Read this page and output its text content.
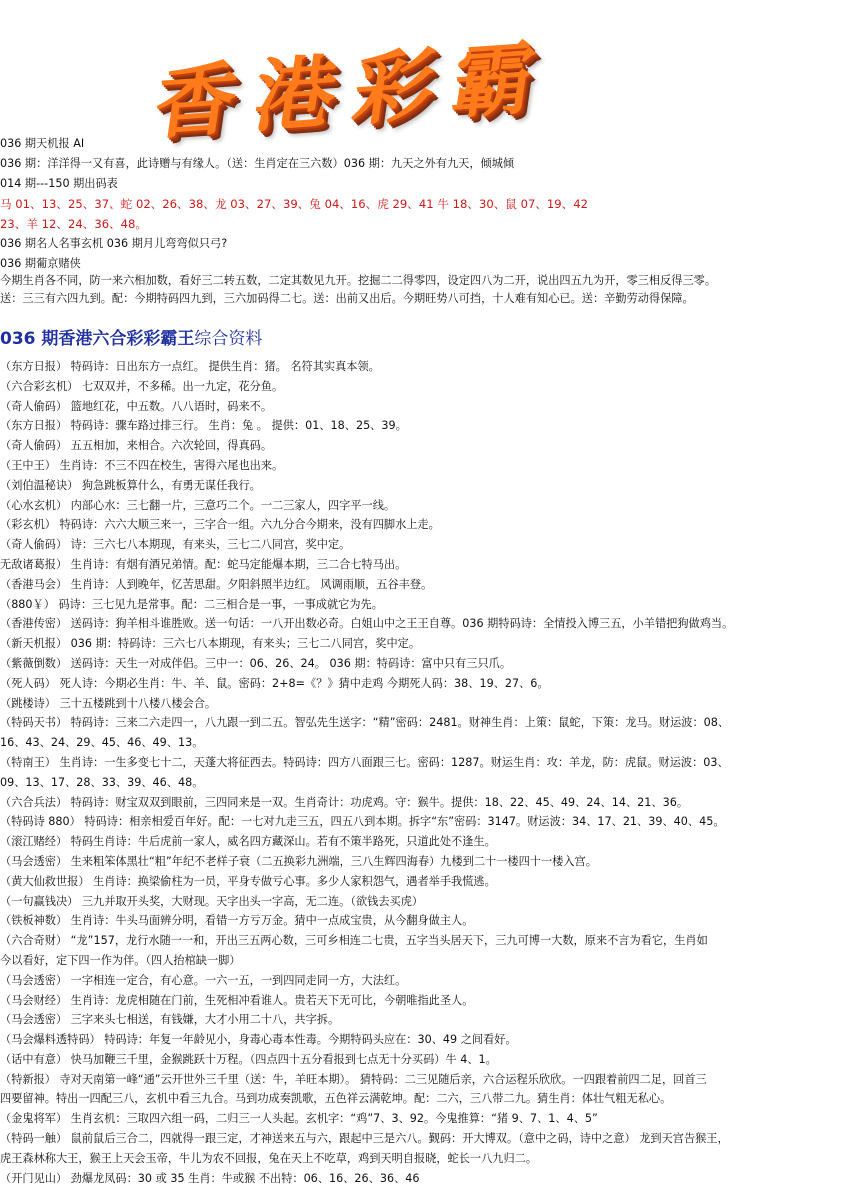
香港彩霸
036 期天机报 AI
036 期：洋洋得一又有喜，此诗赠与有缘人。（送：生肖定在三六数）036 期：九天之外有九天，倾城倾
014 期---150 期出码表
马 01、13、25、37、蛇 02、26、38、龙 03、27、39、兔 04、16、虎 29、41 牛 18、30、鼠 07、19、42
23、羊 12、24、36、48。
036 期名人名事玄机 036 期月儿弯弯似只弓?
036 期葡京赌侠
今期生肖各不同，防一来六相加数，看好三二转五数，二定其数见九开。挖掘二二得零四，设定四八为二开，说出四五九为开，零三相反得三零。
送：三三有六四九到。配：今期特码四九到，三六加码得二七。送：出前又出后。今期旺势八可挡，十人难有知心已。送：辛勤劳动得保障。
036 期香港六合彩彩霸王综合资料
（东方日报） 特码诗：日出东方一点红。 提供生肖：猪。 名符其实真本领。
（六合彩玄机） 七双双并，不多稀。出一九定，花分鱼。
（奇人偷码） 篮地红花，中五数。八八语时，码来不。
（东方日报） 特码诗：骤车路过排三行。 生肖：兔 。 提供：01、18、25、39。
（奇人偷码） 五五相加，来相合。六次轮回，得真码。
（王中王） 生肖诗：不三不四在校生，害得六尾也出来。
（刘伯温秘诀） 狗急跳板算什么，有勇无谋任我行。
（心水玄机） 内部心水：三七翻一片，三意巧二个。一二三家人，四字平一线。
（彩玄机） 特码诗：六六大顺三来一，三字合一组。六九分合今期来，没有四脚水上走。
（奇人偷码） 诗：三六七八本期现，有来头，三七二八同宫，奖中定。
无敌诸葛报） 生肖诗：有烟有酒兄弟情。配：蛇马定能爆本期，三二合七特马出。
（香港马会） 生肖诗：人到晚年，忆苦思甜。夕阳斜照半边红。 风调雨顺，五谷丰登。
（880￥） 码诗：三七见九是常事。配：二三相合是一事，一事成就它为先。
（香港传密） 送码诗：狗羊相斗谁胜败。送一句话：一八开出数必奇。白姐山中之王王自尊。036 期特码诗：全情投入博三五，小羊错把狗做鸡当。
（新天机报） 036 期：特码诗：三六七八本期现，有来头；三七二八同宫，奖中定。
（紫薇倒数） 送码诗：天生一对成伴侣。三中一：06、26、24。 036 期：特码诗：富中只有三只爪。
（死人码） 死人诗：今期必生肖：牛、羊、鼠。密码：2+8=《？》猜中走鸡 今期死人码：38、19、27、6。
（跳楼诗） 三十五楼跳到十八楼八楼会合。
（特码天书） 特码诗：三来二六走四一，八九跟一到二五。智弘先生送字：“精”密码：2481。财神生肖：上策：鼠蛇，下策：龙马。财运波：08、
16、43、24、29、45、46、49、13。
（特南王） 生肖诗：一生多变七十二，天蓬大将征西去。特码诗：四方八面跟三七。密码：1287。财运生肖：攻：羊龙，防：虎鼠。财运波：03、
09、13、17、28、33、39、46、48。
（六合兵法） 特码诗：财宝双双到眼前，三四同来是一双。生肖奇计：功虎鸡。守：猴牛。提供：18、22、45、49、24、14、21、36。
（特码诗 880） 特码诗：相亲相爱百年好。配：一七对九走三五，四五八到本期。拆字“东”密码：3147。财运波：34、17、21、39、40、45。
（滚江赌经） 特码生肖诗：牛后虎前一家人，威名四方藏深山。若有不策半路死，只道此处不逢生。
（马会透密） 生来粗笨体黑壮“粗”年纪不老样子衰（二五换彩九洲端，三八生辉四海春）九楼到二十一楼四十一楼入宫。
（黄大仙救世报） 生肖诗：换梁偷柱为一员，平身专做亏心事。多少人家积怨气，遇者举手我慌逃。
（一句赢钱决） 三九并取开头奖，大财现。天字出头一字高，无二连。（欲钱去买虎）
（铁板神数） 生肖诗：牛头马面辨分明，看错一方亏万金。猜中一点成宝贵，从今翻身做主人。
（六合奇财） “龙”157，龙行水随一一和，开出三五两心数，三可乡相连二七贵，五字当头居天下，三九可博一大数，原来不言为看它，生肖如
今以看好，定下四一作为伴。（四人抬棺缺一脚）
（马会透密） 一字相连一定合，有心意。一六一五，一到四同走同一方，大法红。
（马会财经） 生肖诗：龙虎相随在门前，生死相冲看谁人。贵若天下无可比，今朝唯指此圣人。
（马会透密） 三字来头七相送，有钱嫌，大才小用二十八，共字拆。
（马会爆料透特码） 特码诗：年复一年龄见小，身毒心毒本性毒。今期特码头应在：30、49 之间看好。
（话中有意） 快马加鞭三千里，金猴跳跃十万程。（四点四十五分看报到七点无十分买码）牛 4、1。
（特新报） 寺对天南第一峰“通”云开世外三千里（送：牛，羊旺本期）。 猜特码：二三见随后亲，六合运程乐欣欣。一四跟着前四二足，回首三
四要留神。特出一四配三八，玄机中看三九合。马到功成奏凯歌，五色祥云满乾坤。配：二六，三八带二九。猜生肖：体壮气粗无私心。
（金鬼将军） 生肖玄机：三取四六组一码，二归三一人头起。玄机字：“鸡”7、3、92。今鬼推算：“猪 9、7、1、4、5”
（特码一触） 鼠前鼠后三合二，四就得一跟三定，才神送来五与六，跟起中三是六八。觐码：开大博双。（意中之码，诗中之意） 龙到天宫告猴王，
虎王森林称大王，猴王上天会玉帝，牛儿为农不回报，兔在天上不吃草，鸡到天明自报晓，蛇长一八九归二。
（开门见山） 劲爆龙凤码：30 或 35 生肖：牛或猴 不出特：06、16、26、36、46
